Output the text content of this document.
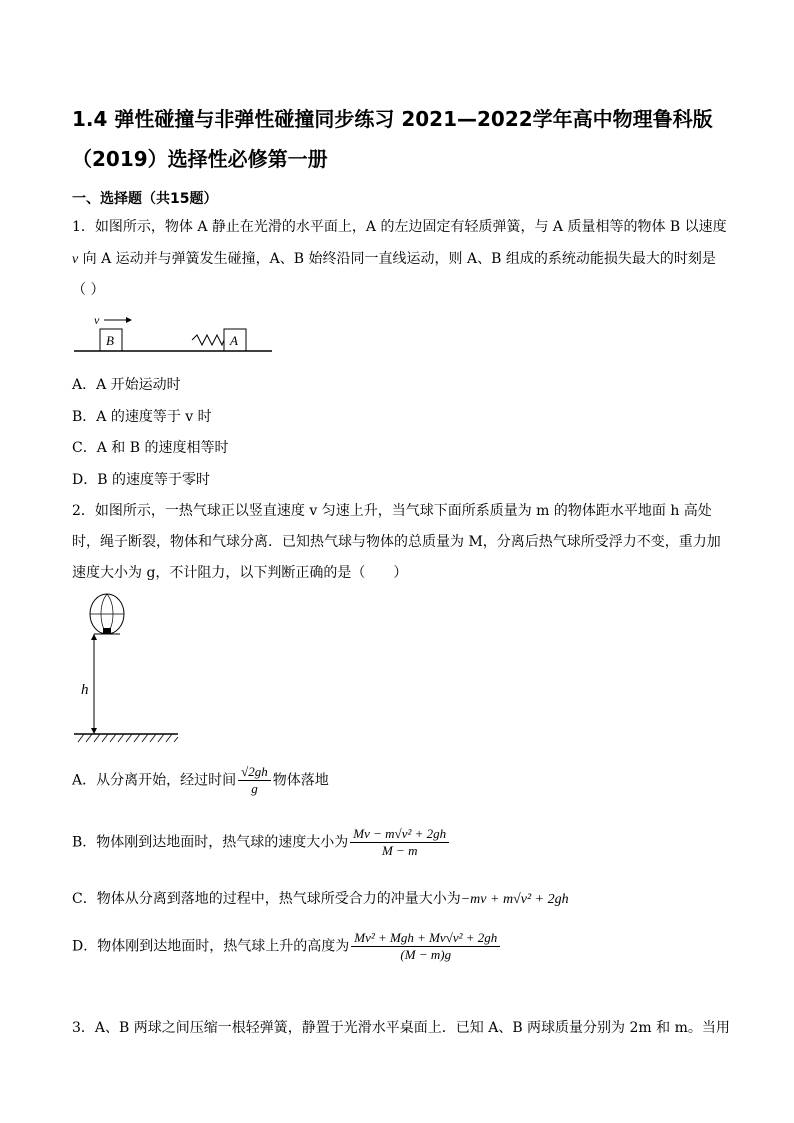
1.4 弹性碰撞与非弹性碰撞同步练习 2021—2022学年高中物理鲁科版
（2019）选择性必修第一册
一、选择题（共15题）
1．如图所示，物体 A 静止在光滑的水平面上，A 的左边固定有轻质弹簧，与 A 质量相等的物体 B 以速度
v 向 A 运动并与弹簧发生碰撞，A、B 始终沿同一直线运动，则 A、B 组成的系统动能损失最大的时刻是
（ ）
v
B	A
A．A 开始运动时
B．A 的速度等于 v 时
C．A 和 B 的速度相等时
D．B 的速度等于零时
2．如图所示，一热气球正以竖直速度 v 匀速上升，当气球下面所系质量为 m 的物体距水平地面 h 高处
时，绳子断裂，物体和气球分离．已知热气球与物体的总质量为 M，分离后热气球所受浮力不变，重力加
速度大小为 g，不计阻力，以下判断正确的是（　　）
h
A．从分离开始，经过时间 $\frac{√2gh}{g}$ 物体落地
B．物体刚到达地面时，热气球的速度大小为 $\frac{\text{Mv − m√v² + 2gh}}{M - m}$
C．物体从分离到落地的过程中，热气球所受合力的冲量大小为−mv + m√v² + 2gh
D．物体刚到达地面时，热气球上升的高度为 $\frac{\text{Mv² + Mgh + Mv√v² + 2gh}}{(M - m)g}$
3．A、B 两球之间压缩一根轻弹簧，静置于光滑水平桌面上．已知 A、B 两球质量分别为 2m 和 m。当用
